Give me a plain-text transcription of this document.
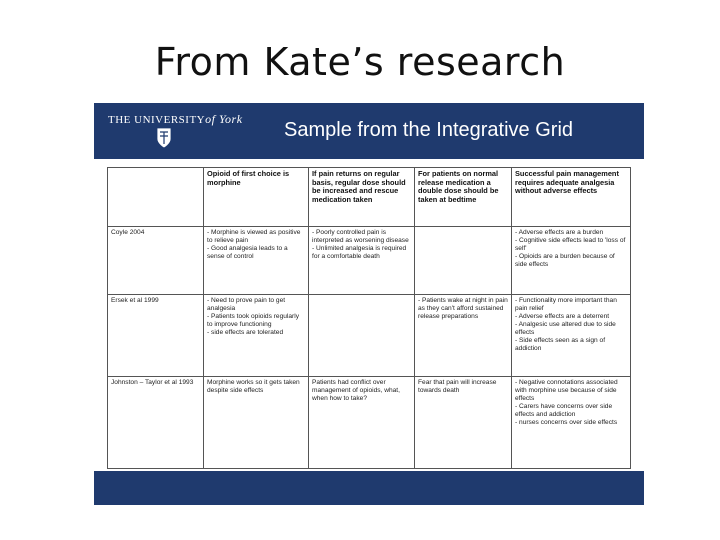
From Kate’s research
THE UNIVERSITYof York Sample from the Integrative Grid
	Opioid of first choice is morphine	If pain returns on regular basis, regular dose should be increased and rescue medication taken	For patients on normal release medication a double dose should be taken at bedtime	Successful pain management requires adequate analgesia without adverse effects

Coyle 2004	- Morphine is viewed as positive to relieve pain
- Good analgesia leads to a sense of control	- Poorly controlled pain is interpreted as worsening disease
- Unlimited analgesia is required for a comfortable death		- Adverse effects are a burden
- Cognitive side effects lead to 'loss of self'
- Opioids are a burden because of side effects

Ersek et al 1999	- Need to prove pain to get analgesia
- Patients took opioids regularly to improve functioning
- side effects are tolerated		- Patients wake at night in pain as they can't afford sustained release preparations	- Functionality more important than pain relief
- Adverse effects are a deterrent
- Analgesic use altered due to side effects
- Side effects seen as a sign of addiction

Johnston – Taylor et al 1993	Morphine works so it gets taken despite side effects	Patients had conflict over management of opioids, what, when how to take?	Fear that pain will increase towards death	- Negative connotations associated with morphine use because of side effects
- Carers have concerns over side effects and addiction
- nurses concerns over side effects
